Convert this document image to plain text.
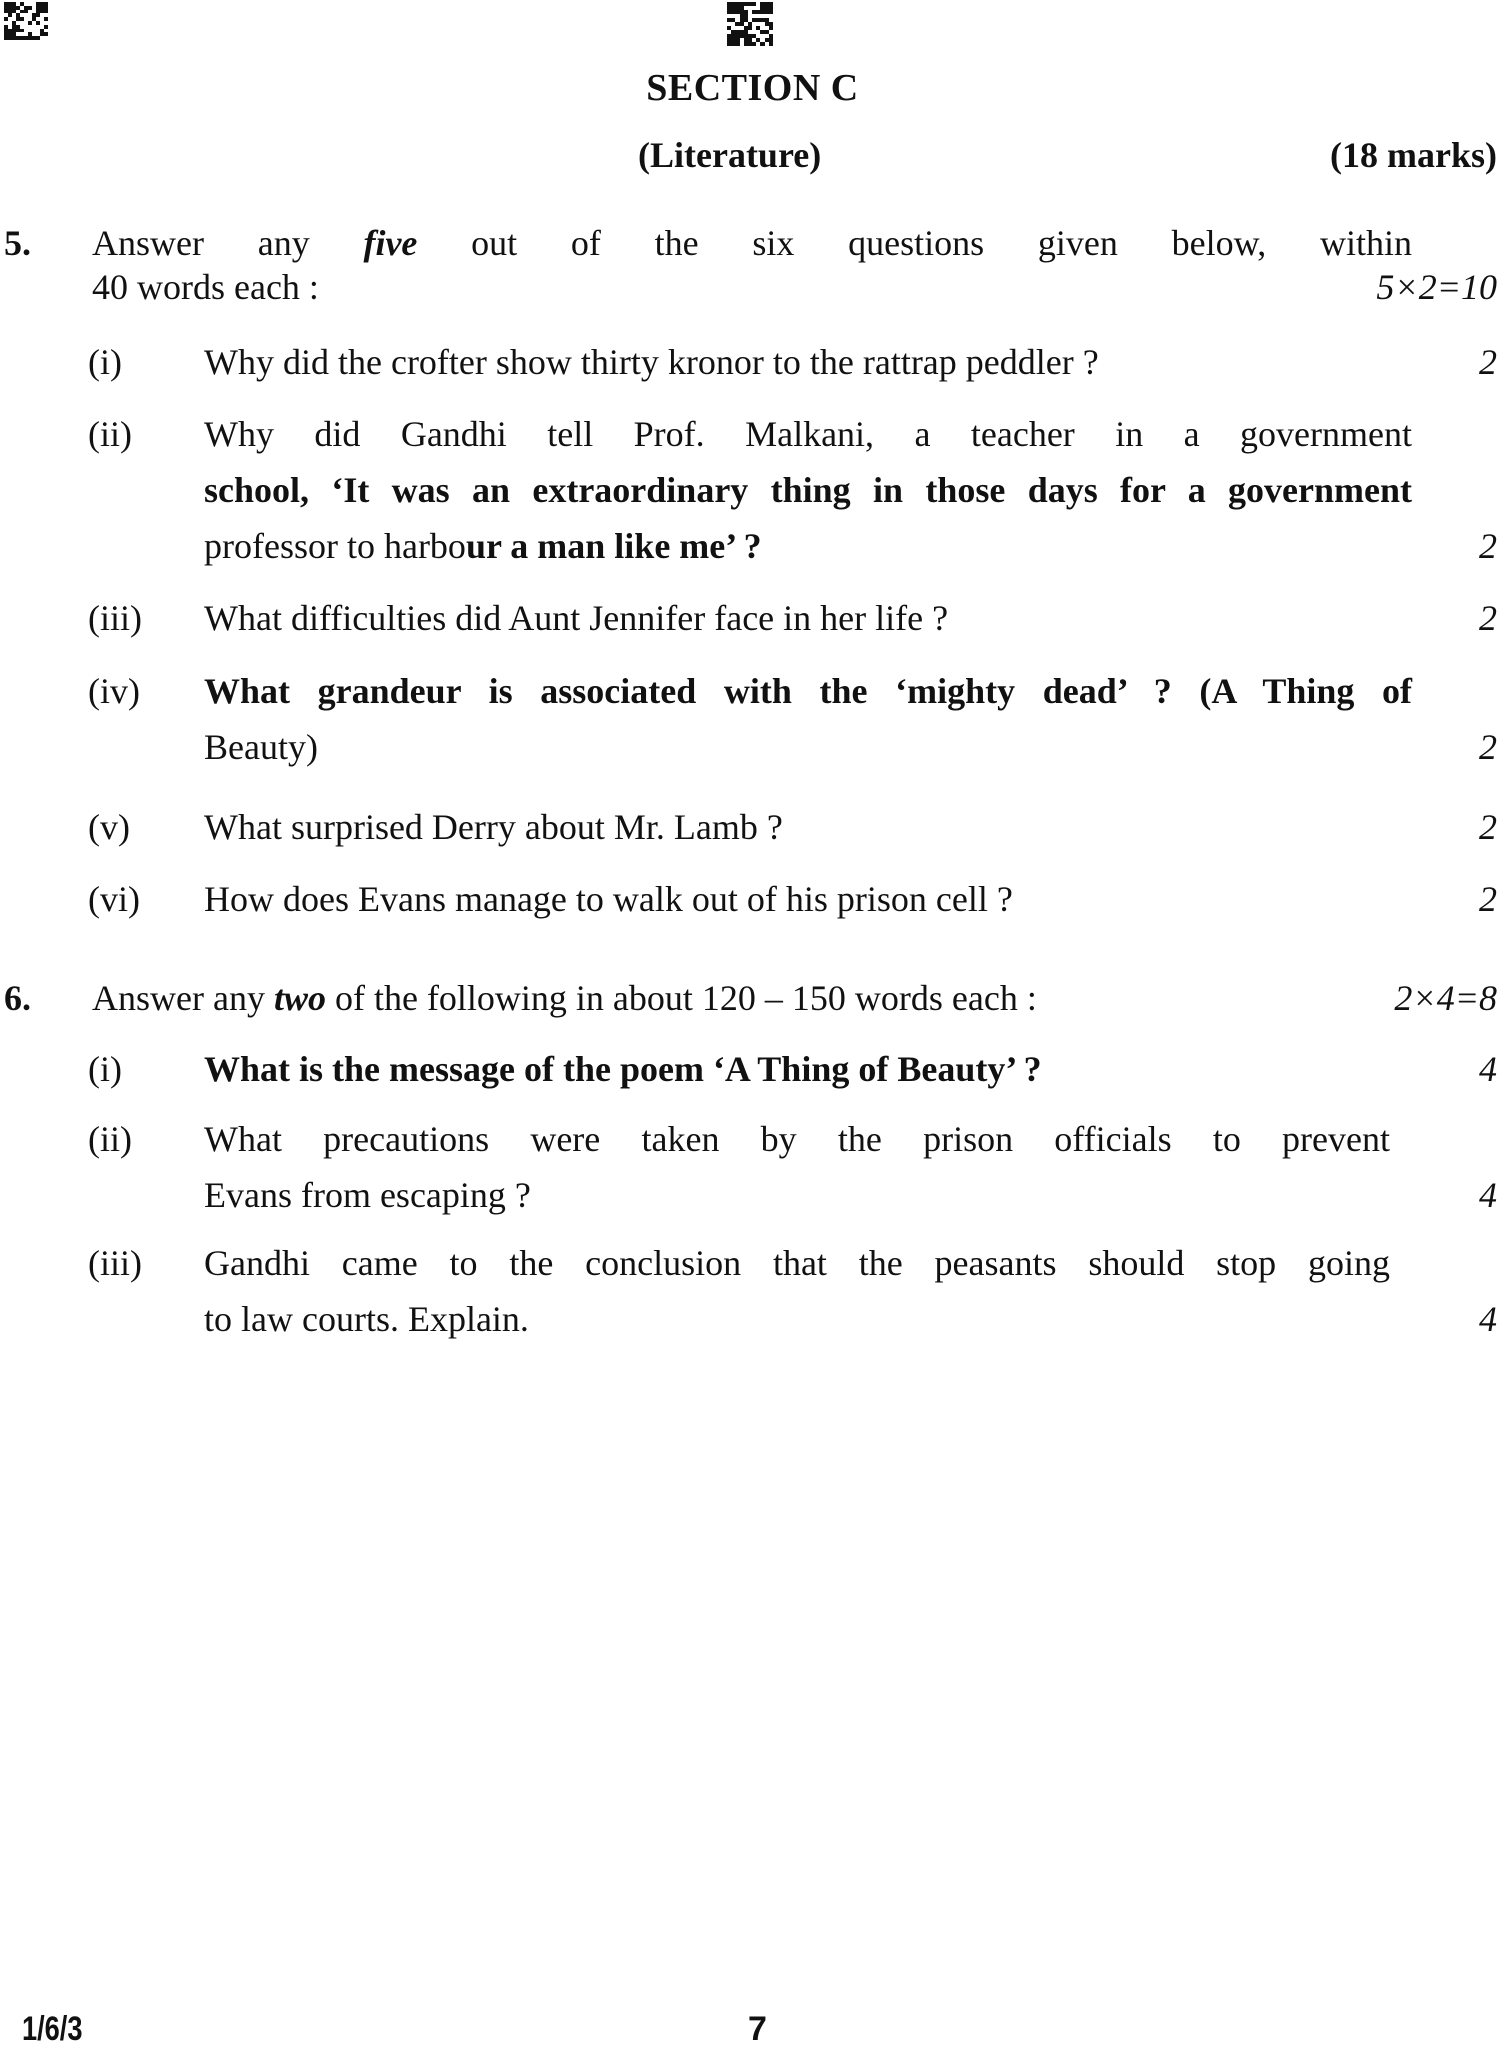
SECTION C
(Literature)	(18 marks)
5. Answer any five out of the six questions given below, within
40 words each :	5×2=10
(i) Why did the crofter show thirty kronor to the rattrap peddler ?	2
(ii) Why did Gandhi tell Prof. Malkani, a teacher in a government
school, ‘It was an extraordinary thing in those days for a government
professor to harbour a man like me’ ?	2
(iii) What difficulties did Aunt Jennifer face in her life ?	2
(iv) What grandeur is associated with the ‘mighty dead’ ? (A Thing of
Beauty)	2
(v) What surprised Derry about Mr. Lamb ?	2
(vi) How does Evans manage to walk out of his prison cell ?	2
6. Answer any two of the following in about 120 – 150 words each :	2×4=8
(i) What is the message of the poem ‘A Thing of Beauty’ ?	4
(ii) What precautions were taken by the prison officials to prevent
Evans from escaping ?	4
(iii) Gandhi came to the conclusion that the peasants should stop going
to law courts. Explain.	4
1/6/3	7
